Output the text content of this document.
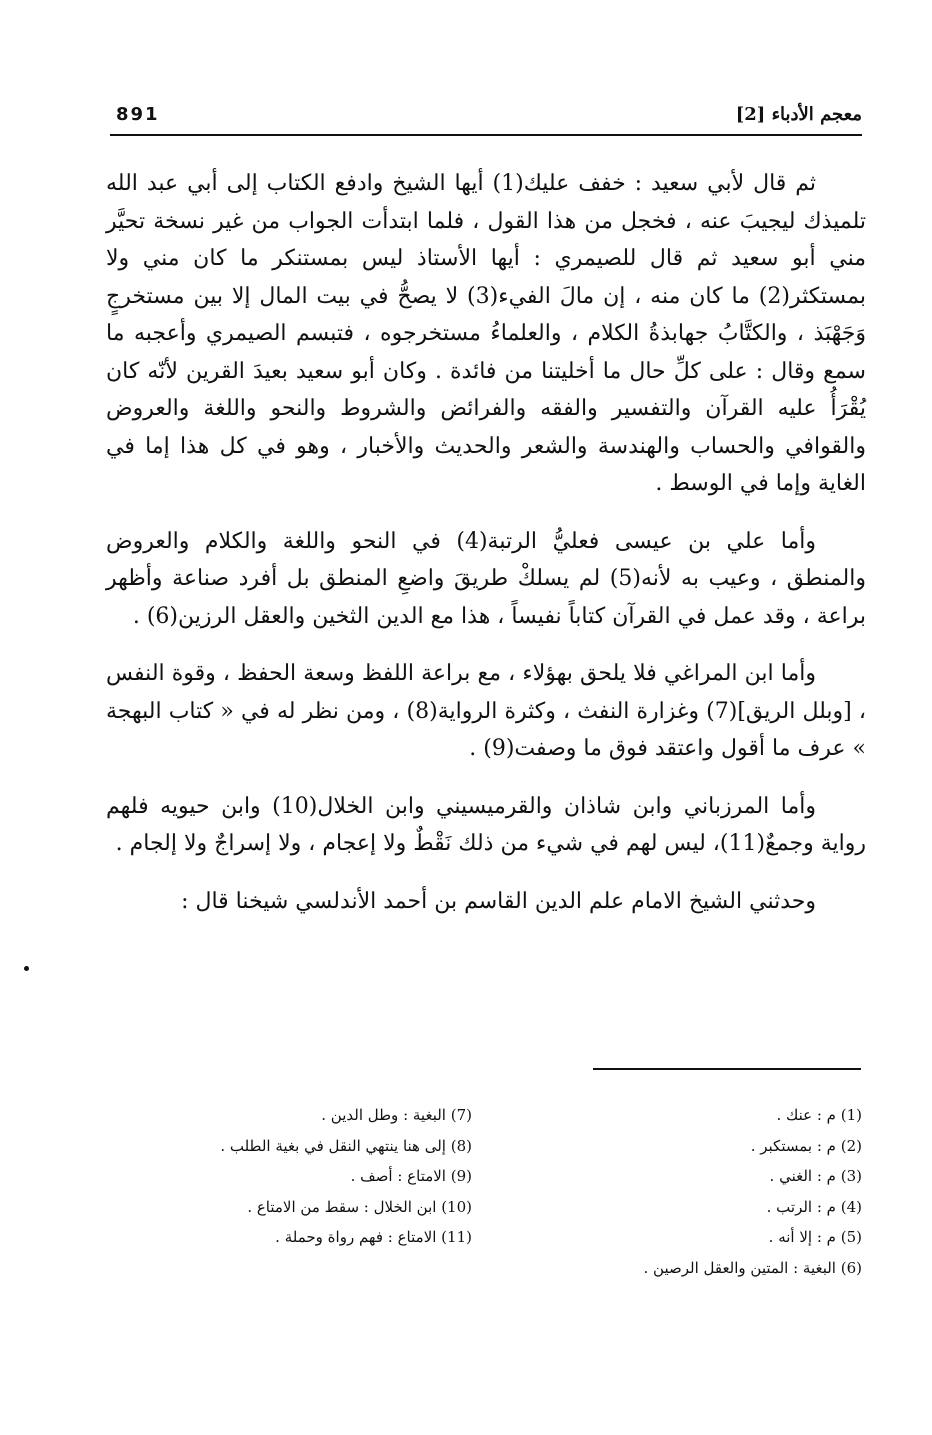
معجم الأدباء [2]
891

ثم قال لأبي سعيد : خفف عليك(1) أيها الشيخ وادفع الكتاب إلى أبي عبد الله تلميذك ليجيبَ عنه ، فخجل من هذا القول ، فلما ابتدأت الجواب من غير نسخة تحيَّر مني أبو سعيد ثم قال للصيمري : أيها الأستاذ ليس بمستنكر ما كان مني ولا بمستكثر(2) ما كان منه ، إن مالَ الفيء(3) لا يصحُّ في بيت المال إلا بين مستخرجٍ وَجَهْبَذ ، والكتَّابُ جهابذةُ الكلام ، والعلماءُ مستخرجوه ، فتبسم الصيمري وأعجبه ما سمع وقال : على كلِّ حال ما أخليتنا من فائدة . وكان أبو سعيد بعيدَ القرين لأنّه كان يُقْرَأُ عليه القرآن والتفسير والفقه والفرائض والشروط والنحو واللغة والعروض والقوافي والحساب والهندسة والشعر والحديث والأخبار ، وهو في كل هذا إما في الغاية وإما في الوسط .

وأما علي بن عيسى فعليُّ الرتبة(4) في النحو واللغة والكلام والعروض والمنطق ، وعيب به لأنه(5) لم يسلكْ طريقَ واضعِ المنطق بل أفرد صناعة وأظهر براعة ، وقد عمل في القرآن كتاباً نفيساً ، هذا مع الدين الثخين والعقل الرزين(6) .

وأما ابن المراغي فلا يلحق بهؤلاء ، مع براعة اللفظ وسعة الحفظ ، وقوة النفس ، [وبلل الريق](7) وغزارة النفث ، وكثرة الرواية(8) ، ومن نظر له في « كتاب البهجة » عرف ما أقول واعتقد فوق ما وصفت(9) .

وأما المرزباني وابن شاذان والقرميسيني وابن الخلال(10) وابن حيويه فلهم رواية وجمعٌ(11)، ليس لهم في شيء من ذلك نَقْطٌ ولا إعجام ، ولا إسراجٌ ولا إلجام .

وحدثني الشيخ الامام علم الدين القاسم بن أحمد الأندلسي شيخنا قال :

(1) م : عنك .
(2) م : بمستكبر .
(3) م : الغني .
(4) م : الرتب .
(5) م : إلا أنه .
(6) البغية : المتين والعقل الرصين .
(7) البغية : وطل الدين .
(8) إلى هنا ينتهي النقل في بغية الطلب .
(9) الامتاع : أصف .
(10) ابن الخلال : سقط من الامتاع .
(11) الامتاع : فهم رواة وحملة .
